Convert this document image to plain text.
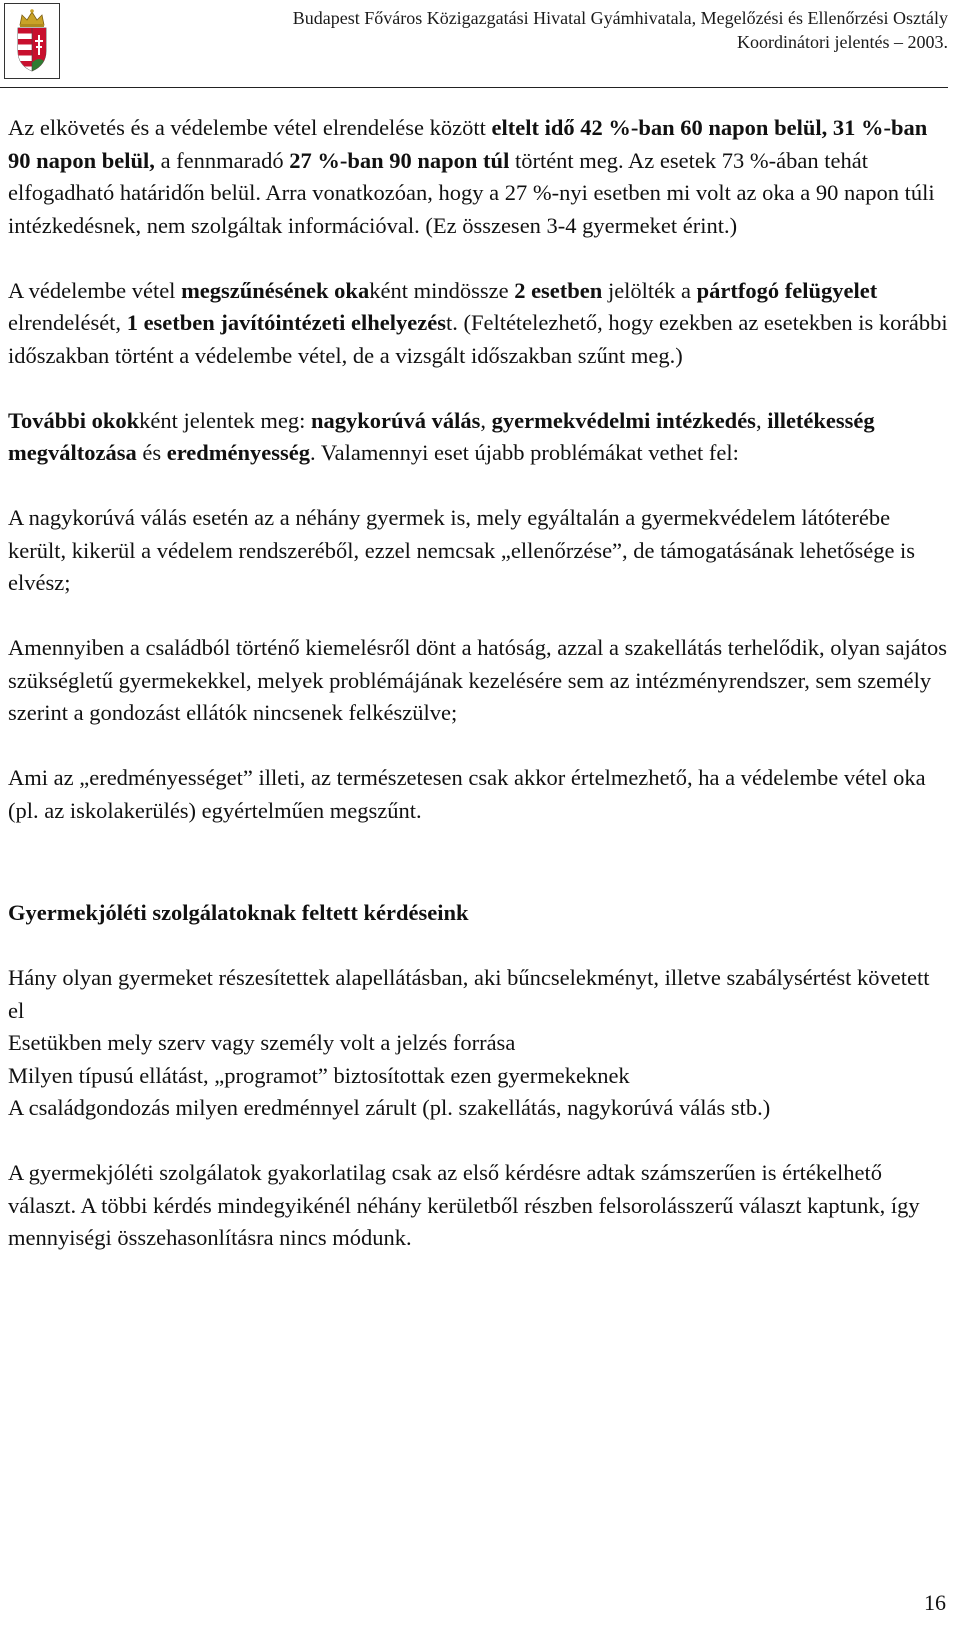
Budapest Főváros Közigazgatási Hivatal Gyámhivatala, Megelőzési és Ellenőrzési Osztály
Koordinátori jelentés – 2003.

Az elkövetés és a védelembe vétel elrendelése között eltelt idő 42 %-ban 60 napon belül, 31 %-ban 90 napon belül, a fennmaradó 27 %-ban 90 napon túl történt meg. Az esetek 73 %-ában tehát elfogadható határidőn belül. Arra vonatkozóan, hogy a 27 %-nyi esetben mi volt az oka a 90 napon túli intézkedésnek, nem szolgáltak információval. (Ez összesen 3-4 gyermeket érint.)

A védelembe vétel megszűnésének okaként mindössze 2 esetben jelölték a pártfogó felügyelet elrendelését, 1 esetben javítóintézeti elhelyezést. (Feltételezhető, hogy ezekben az esetekben is korábbi időszakban történt a védelembe vétel, de a vizsgált időszakban szűnt meg.)

További okokként jelentek meg: nagykorúvá válás, gyermekvédelmi intézkedés, illetékesség megváltozása és eredményesség. Valamennyi eset újabb problémákat vethet fel:

A nagykorúvá válás esetén az a néhány gyermek is, mely egyáltalán a gyermekvédelem látóterébe került, kikerül a védelem rendszeréből, ezzel nemcsak „ellenőrzése”, de támogatásának lehetősége is elvész;

Amennyiben a családból történő kiemelésről dönt a hatóság, azzal a szakellátás terhelődik, olyan sajátos szükségletű gyermekekkel, melyek problémájának kezelésére sem az intézményrendszer, sem személy szerint a gondozást ellátók nincsenek felkészülve;

Ami az „eredményességet” illeti, az természetesen csak akkor értelmezhető, ha a védelembe vétel oka (pl. az iskolakerülés) egyértelműen megszűnt.

Gyermekjóléti szolgálatoknak feltett kérdéseink
Hány olyan gyermeket részesítettek alapellátásban, aki bűncselekményt, illetve szabálysértést követett el
Esetükben mely szerv vagy személy volt a jelzés forrása
Milyen típusú ellátást, „programot” biztosítottak ezen gyermekeknek
A családgondozás milyen eredménnyel zárult (pl. szakellátás, nagykorúvá válás stb.)

A gyermekjóléti szolgálatok gyakorlatilag csak az első kérdésre adtak számszerűen is értékelhető választ. A többi kérdés mindegyikénél néhány kerületből részben felsorolásszerű választ kaptunk, így mennyiségi összehasonlításra nincs módunk.

16
